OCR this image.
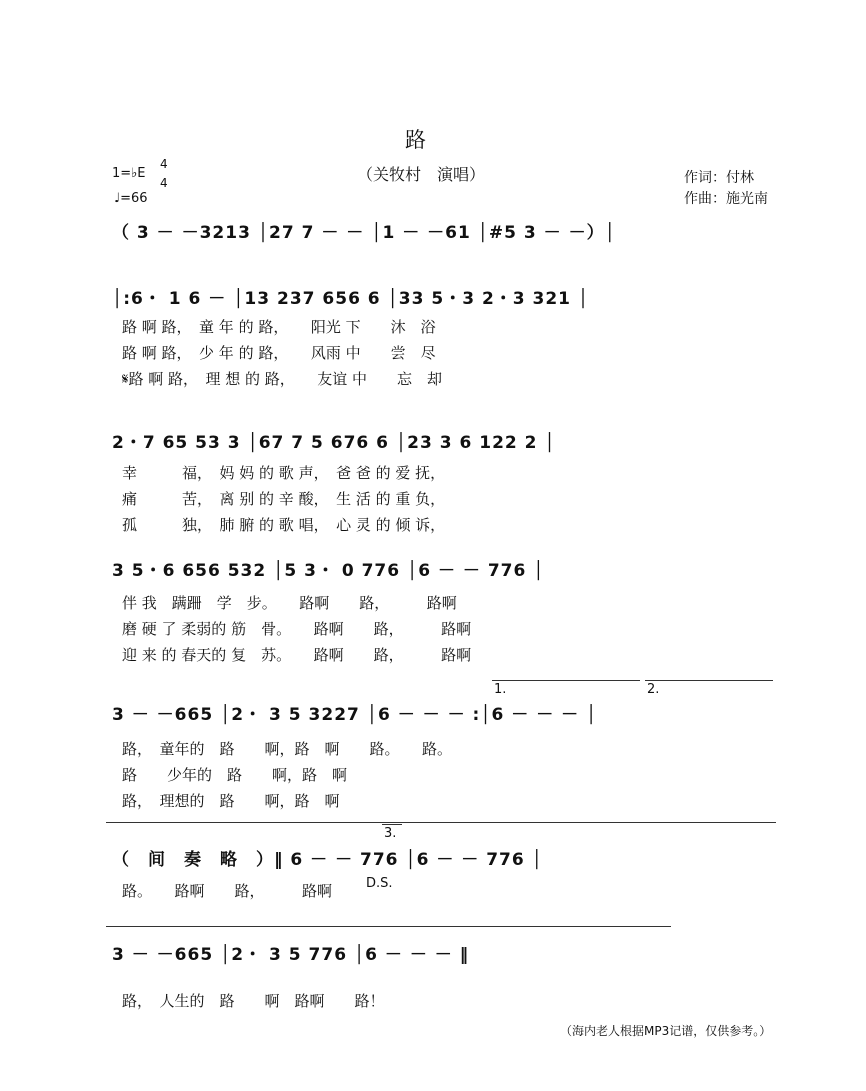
路
（关牧村　演唱）	作词：付林
作曲：施光南
1=♭E
4
4
♩=66
（ 3 － －3213 │27 7 － － │1 － －61 │#5 3 － －）│
│:6・ 1 6 － │13 237 656 6 │33 5・3 2・3 321 │
路 啊 路，　童 年 的 路，　　阳光 下　　沐　浴
路 啊 路，　少 年 的 路，　　风雨 中　　尝　尽
𝄋路 啊 路，　理 想 的 路，　　友谊 中　　忘　却
2・7 65 53 3 │67 7 5 676 6 │23 3 6 122 2 │
幸　　　福，　妈 妈 的 歌 声，　爸 爸 的 爱 抚，
痛　　　苦，　离 别 的 辛 酸，　生 活 的 重 负，
孤　　　独，　肺 腑 的 歌 唱，　心 灵 的 倾 诉，
3 5・6 656 532 │5 3・ 0 776 │6 － － 776 │
伴 我　蹒跚　学　步。　　路啊　　路，　　　路啊
磨 硬 了 柔弱的 筋　骨。　　路啊　　路，　　　路啊
迎 来 的 春天的 复　苏。　　路啊　　路，　　　路啊
3 － －665 │2・ 3 5 3227 │6 － － － :│6 － － － │
路，　童年的　路　　啊，路　啊　　路。　　路。
路　　少年的　路　　啊，路　啊
路，　理想的　路　　啊，路　啊
1.	2.
（　间　奏　略　）‖ 6 － － 776 │6 － － 776 │
路。　　路啊　　路，　　　路啊
3.
D.S.
3 － －665 │2・ 3 5 776 │6 － － － ‖
路，　人生的　路　　啊　路啊　　路！
（海内老人根据MP3记谱，仅供参考。）
